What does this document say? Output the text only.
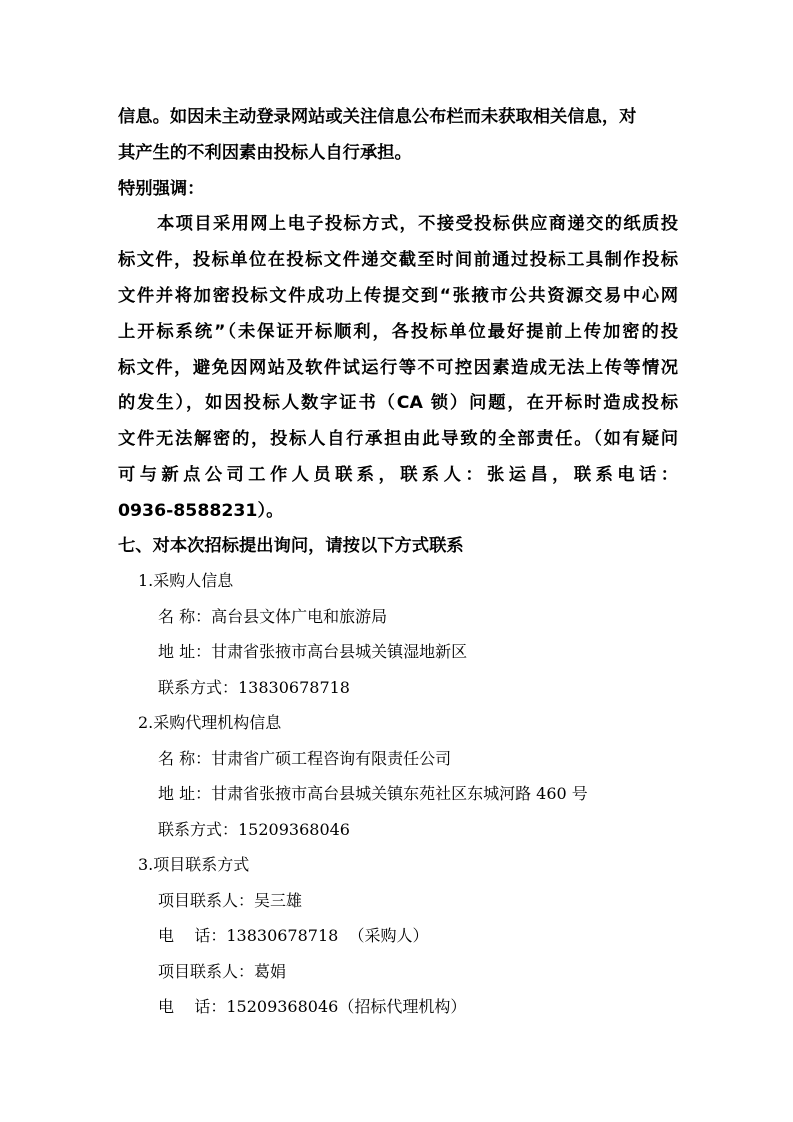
信息。如因未主动登录网站或关注信息公布栏而未获取相关信息，对
其产生的不利因素由投标人自行承担。
特别强调：
本项目采用网上电子投标方式，不接受投标供应商递交的纸质投
标文件，投标单位在投标文件递交截至时间前通过投标工具制作投标
文件并将加密投标文件成功上传提交到“张掖市公共资源交易中心网
上开标系统”（未保证开标顺利，各投标单位最好提前上传加密的投
标文件，避免因网站及软件试运行等不可控因素造成无法上传等情况
的发生），如因投标人数字证书（CA 锁）问题，在开标时造成投标
文件无法解密的，投标人自行承担由此导致的全部责任。（如有疑问
可与新点公司工作人员联系，联系人：张运昌，联系电话：
0936-8588231）。
七、对本次招标提出询问，请按以下方式联系
1.采购人信息
名 称：高台县文体广电和旅游局
地 址：甘肃省张掖市高台县城关镇湿地新区
联系方式：13830678718
2.采购代理机构信息
名 称：甘肃省广硕工程咨询有限责任公司
地 址：甘肃省张掖市高台县城关镇东苑社区东城河路 460 号
联系方式：15209368046
3.项目联系方式
项目联系人：吴三雄
电    话：13830678718  （采购人）
项目联系人：葛娟
电    话：15209368046（招标代理机构）
